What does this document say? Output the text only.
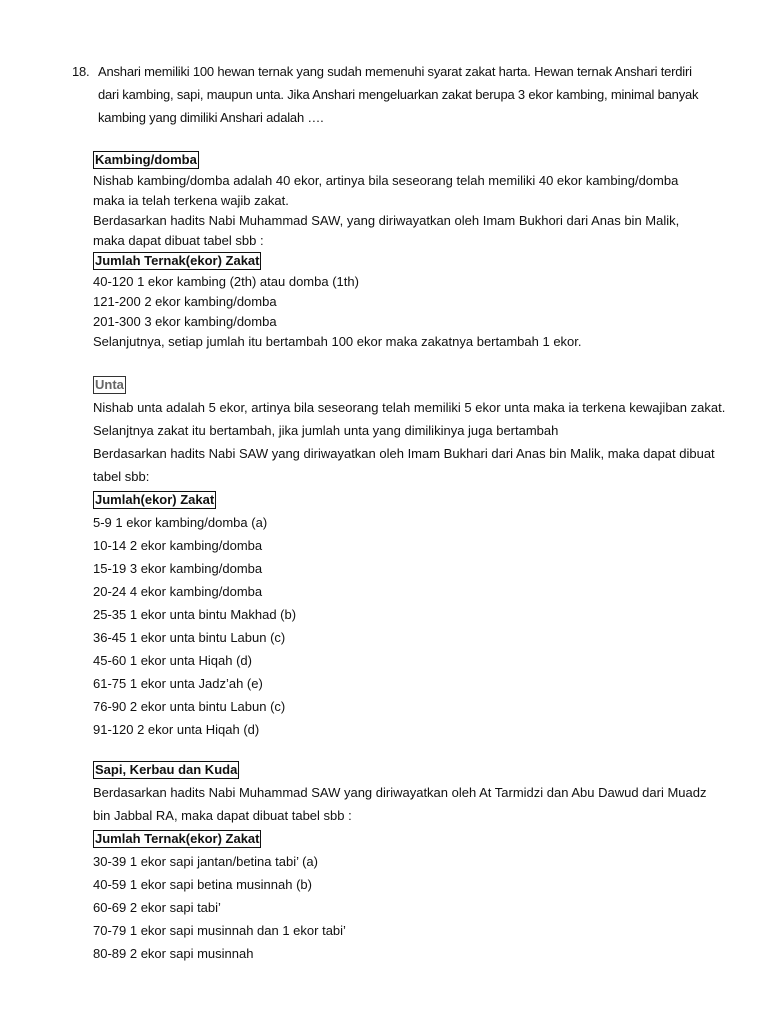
18. Anshari memiliki 100 hewan ternak yang sudah memenuhi syarat zakat harta. Hewan ternak Anshari terdiri dari kambing, sapi, maupun unta. Jika Anshari mengeluarkan zakat berupa 3 ekor kambing, minimal banyak kambing yang dimiliki Anshari adalah ….
Kambing/domba
Nishab kambing/domba adalah 40 ekor, artinya bila seseorang telah memiliki 40 ekor kambing/domba
maka ia telah terkena wajib zakat.
Berdasarkan hadits Nabi Muhammad SAW, yang diriwayatkan oleh Imam Bukhori dari Anas bin Malik,
maka dapat dibuat tabel sbb :
Jumlah Ternak(ekor) Zakat
40-120 1 ekor kambing (2th) atau domba (1th)
121-200 2 ekor kambing/domba
201-300 3 ekor kambing/domba
Selanjutnya, setiap jumlah itu bertambah 100 ekor maka zakatnya bertambah 1 ekor.
Unta
Nishab unta adalah 5 ekor, artinya bila seseorang telah memiliki 5 ekor unta maka ia terkena kewajiban zakat.
Selanjtnya zakat itu bertambah, jika jumlah unta yang dimilikinya juga bertambah
Berdasarkan hadits Nabi SAW yang diriwayatkan oleh Imam Bukhari dari Anas bin Malik, maka dapat dibuat
tabel sbb:
Jumlah(ekor) Zakat
5-9 1 ekor kambing/domba (a)
10-14 2 ekor kambing/domba
15-19 3 ekor kambing/domba
20-24 4 ekor kambing/domba
25-35 1 ekor unta bintu Makhad (b)
36-45 1 ekor unta bintu Labun (c)
45-60 1 ekor unta Hiqah (d)
61-75 1 ekor unta Jadz’ah (e)
76-90 2 ekor unta bintu Labun (c)
91-120 2 ekor unta Hiqah (d)
Sapi, Kerbau dan Kuda
Berdasarkan hadits Nabi Muhammad SAW yang diriwayatkan oleh At Tarmidzi dan Abu Dawud dari Muadz
bin Jabbal RA, maka dapat dibuat tabel sbb :
Jumlah Ternak(ekor) Zakat
30-39 1 ekor sapi jantan/betina tabi’ (a)
40-59 1 ekor sapi betina musinnah (b)
60-69 2 ekor sapi tabi’
70-79 1 ekor sapi musinnah dan 1 ekor tabi’
80-89 2 ekor sapi musinnah
